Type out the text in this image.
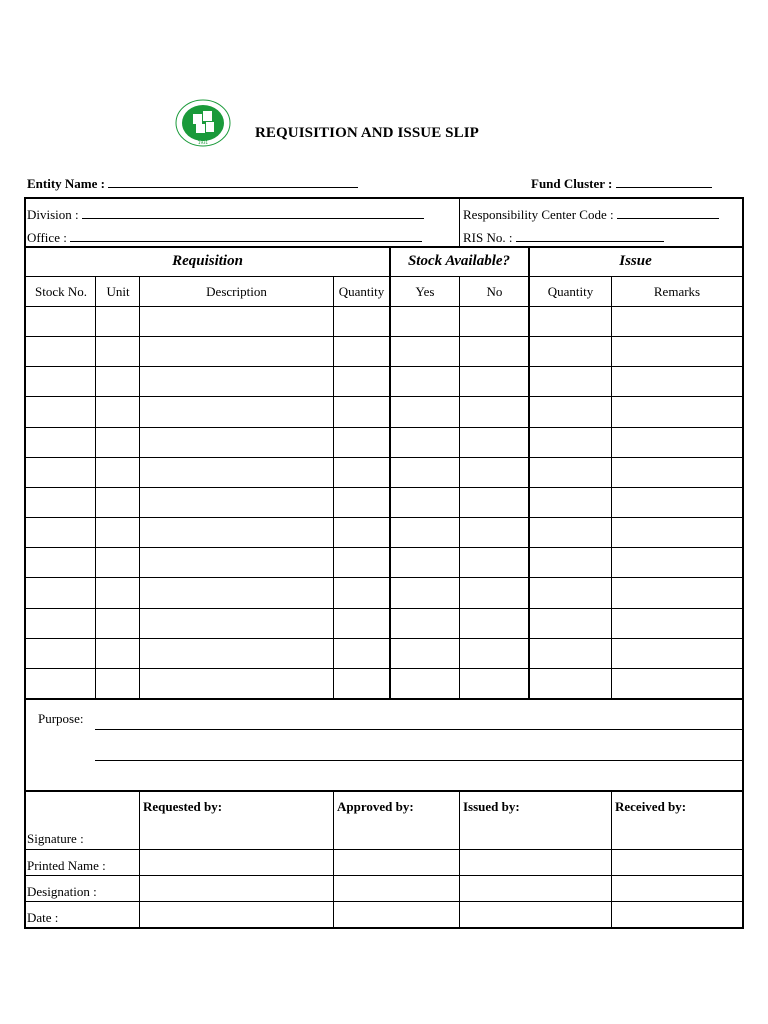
1931
REQUISITION AND ISSUE SLIP
Entity Name :	Fund Cluster :
Division :
Office :
Responsibility Center Code :
RIS No. :
Requisition	Stock Available?	Issue
Stock No.	Unit	Description	Quantity	Yes	No	Quantity	Remarks
Purpose:
Requested by:	Approved by:	Issued by:	Received by:
Signature :
Printed Name :
Designation :
Date :
